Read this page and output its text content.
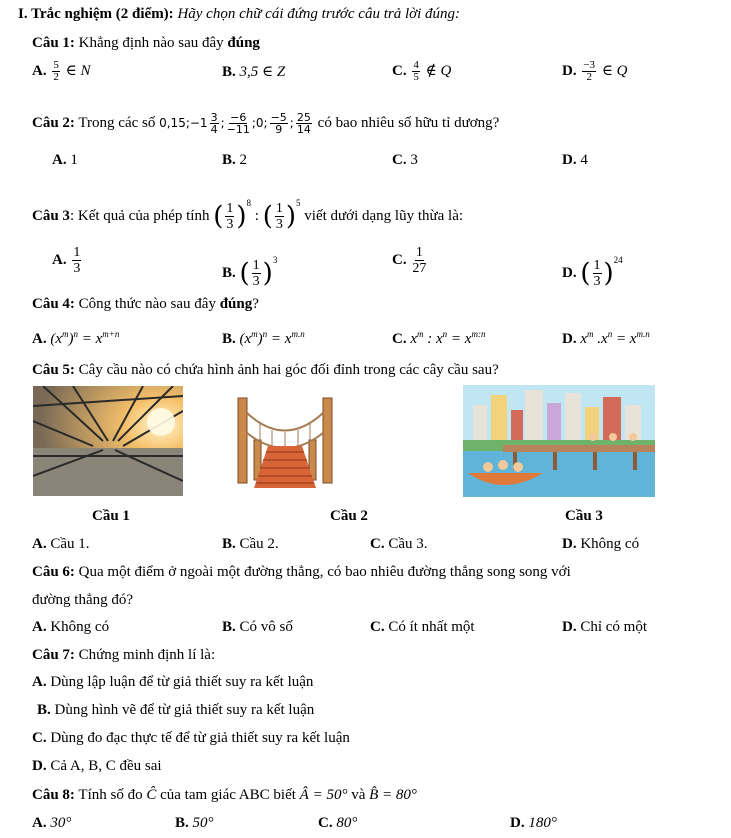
I. Trắc nghiệm (2 điểm): Hãy chọn chữ cái đứng trước câu trả lời đúng:
Câu 1: Khẳng định nào sau đây đúng
A. $\frac{5}{2}$ ∈ N	B. 3,5 ∈ Z	C. $\frac{4}{5}$ ∉ Q	D. $\frac{-3}{2}$ ∈ Q
Câu 2: Trong các số 0,15;−1 $\frac{3}{4}$ ; $\frac{-6}{-11}$ ;0; $\frac{-5}{9}$ ; $\frac{25}{14}$ có bao nhiêu số hữu tỉ dương?
A. 1	B. 2	C. 3	D. 4
Câu 3: Kết quả của phép tính ( $\frac{1}{3} )^8$ : ( $\frac{1}{3} )^5$ viết dưới dạng lũy thừa là:
A. $\frac{1}{3}$	B. ( $\frac{1}{3} )^3$	C. $\frac{1}{27}$	D. ( $\frac{1}{3} )^{24}$
Câu 4: Công thức nào sau đây đúng?
A. $(x^m)^n = x^{m+n}$	B. $(x^m)^n = x^{m.n}$	C. $x^m$ : $x^n = x^{m:n}$	D. $x^m$ $.x^n = x^{m.n}$
Câu 5: Cây cầu nào có chứa hình ảnh hai góc đối đỉnh trong các cây cầu sau?
Cầu 1	Cầu 2	Cầu 3
A. Cầu 1.	B. Cầu 2.	C. Cầu 3.	D. Không có
Câu 6: Qua một điểm ở ngoài một đường thẳng, có bao nhiêu đường thẳng song song với
đường thẳng đó?
A. Không có	B. Có vô số	C. Có ít nhất một	D. Chỉ có một
Câu 7: Chứng minh định lí là:
A. Dùng lập luận để từ giả thiết suy ra kết luận
B. Dùng hình vẽ để từ giả thiết suy ra kết luận
C. Dùng đo đạc thực tế để từ giả thiết suy ra kết luận
D. Cả A, B, C đều sai
Câu 8: Tính số đo Ĉ của tam giác ABC biết Â = 50° và B̂ = 80°
A. 30°	B. 50°	C. 80°	D. 180°
